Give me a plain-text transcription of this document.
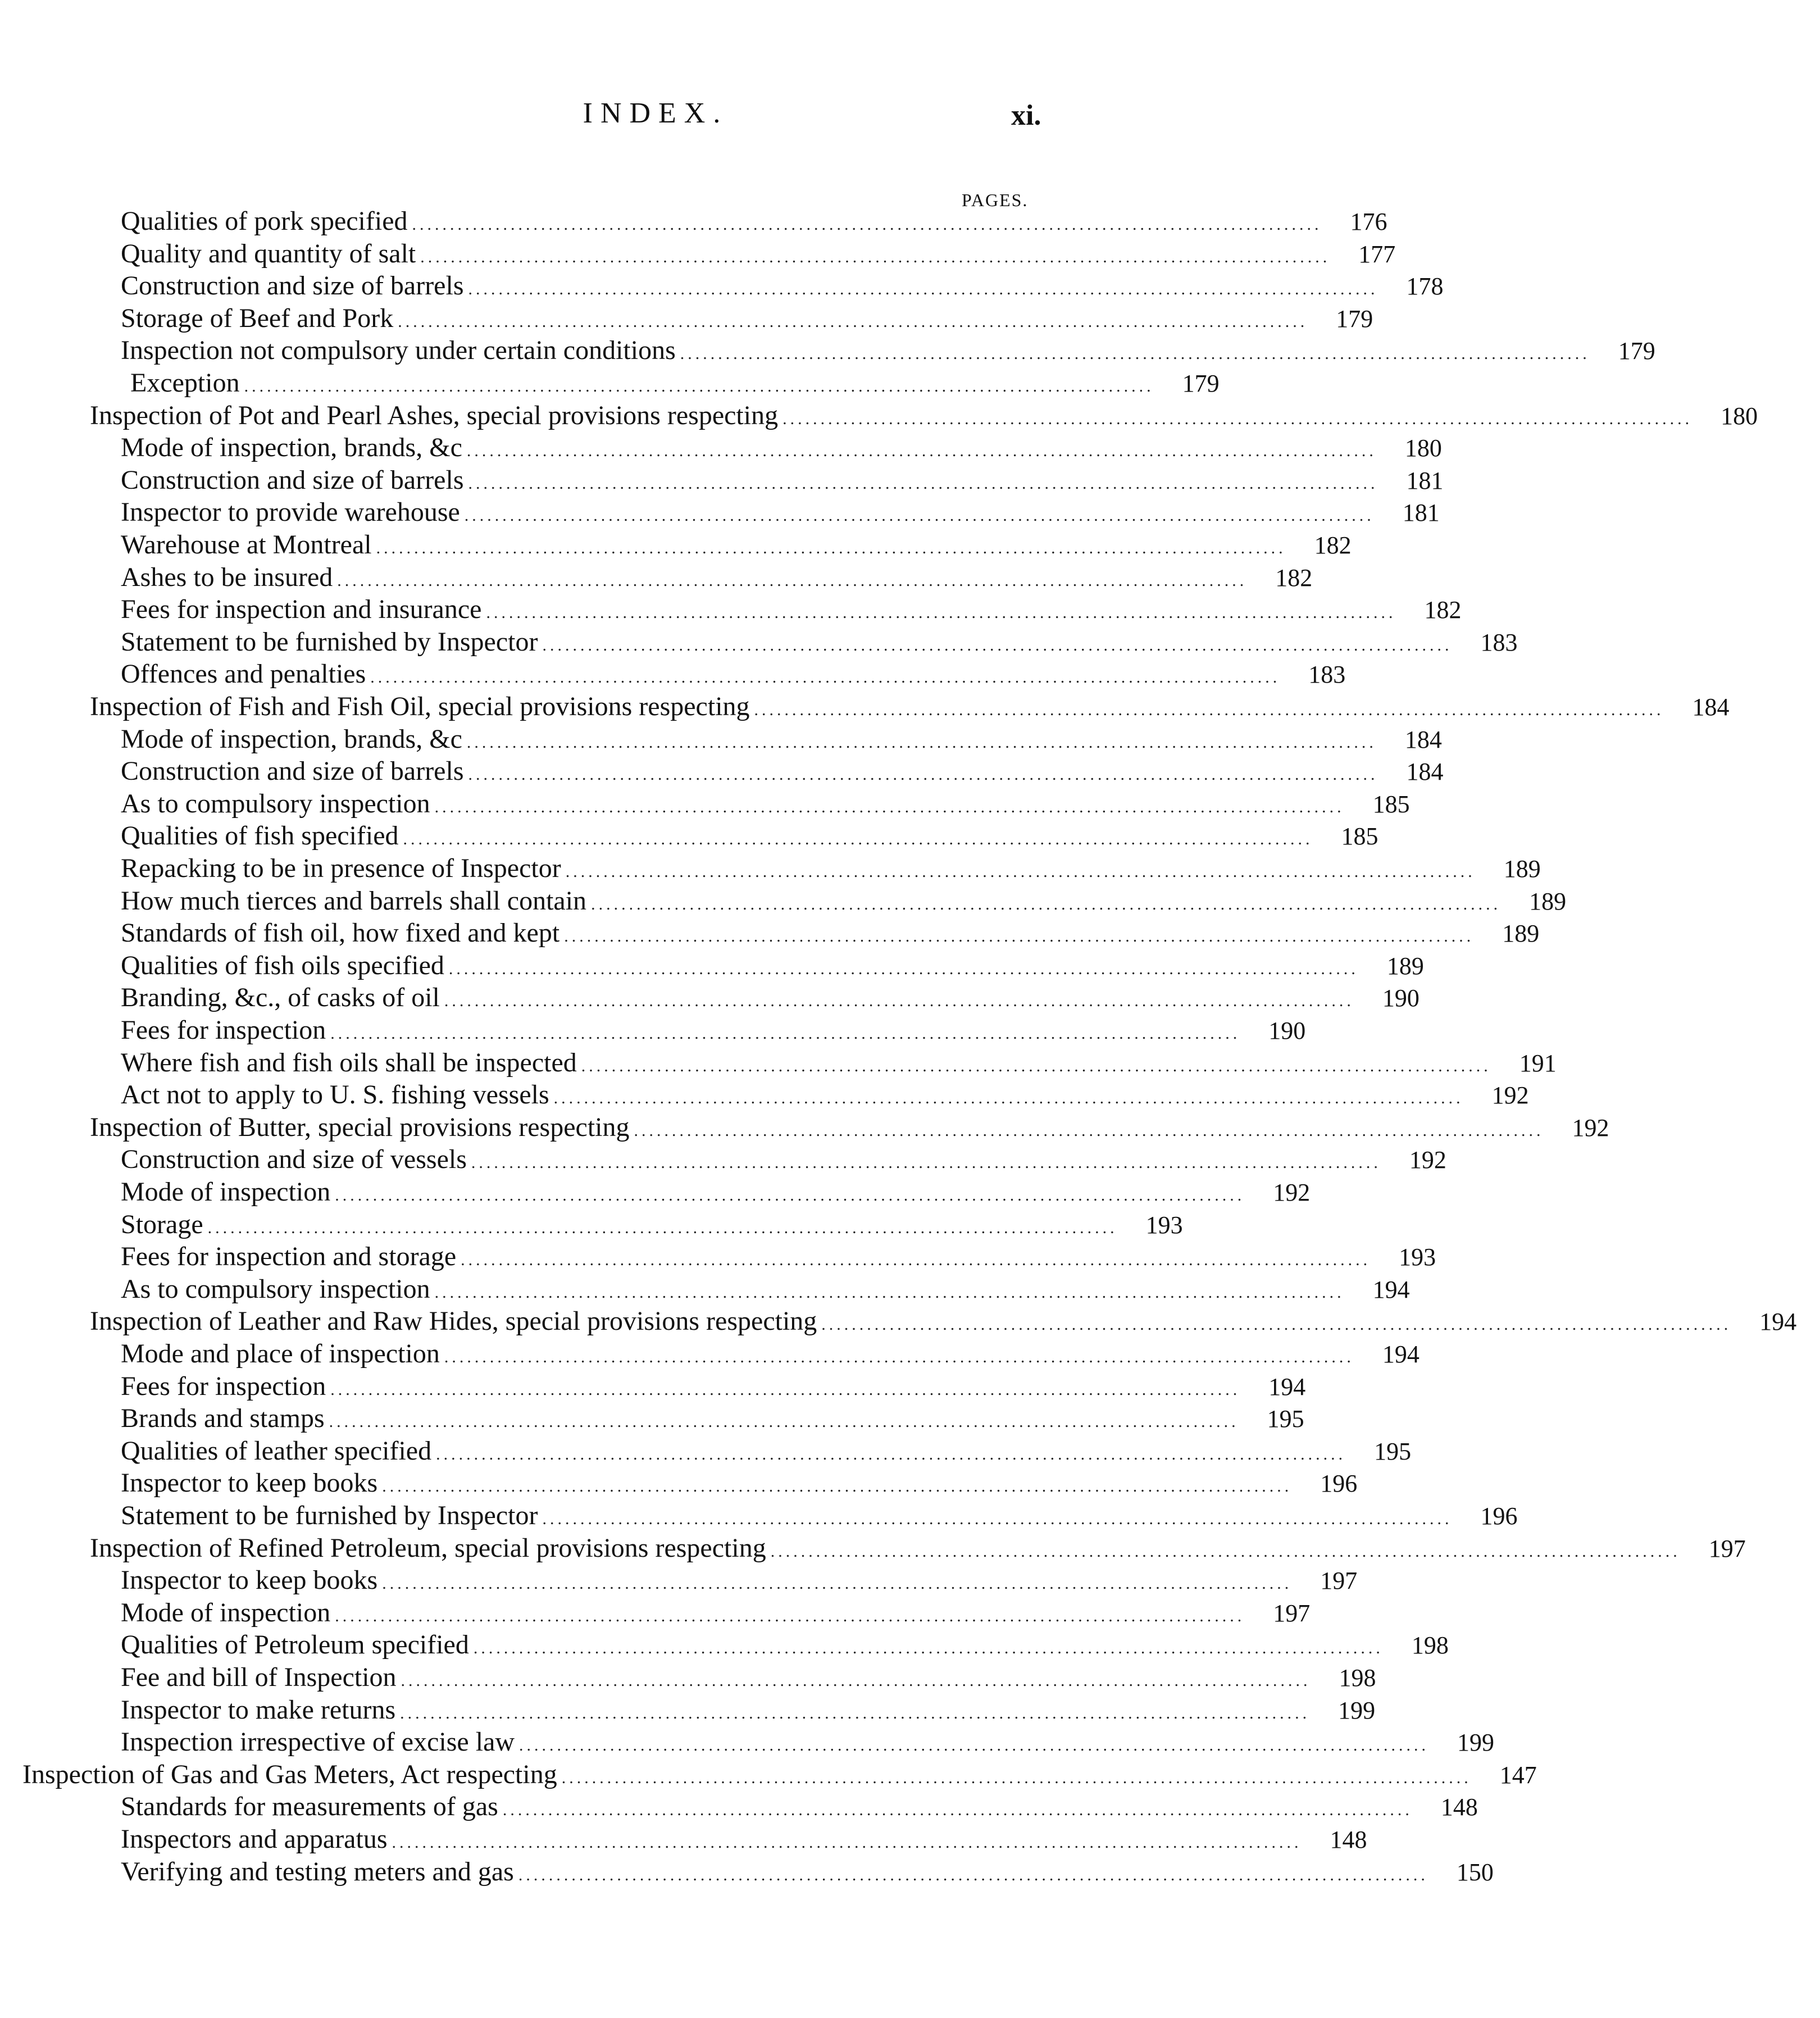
INDEX.	xi.
PAGES.
Qualities of pork specified ........................................................................................................................	176
Quality and quantity of salt ........................................................................................................................	177
Construction and size of barrels ........................................................................................................................	178
Storage of Beef and Pork ........................................................................................................................	179
Inspection not compulsory under certain conditions ........................................................................................................................	179
Exception ........................................................................................................................	179
Inspection of Pot and Pearl Ashes, special provisions respecting ........................................................................................................................	180
Mode of inspection, brands, &c ........................................................................................................................	180
Construction and size of barrels ........................................................................................................................	181
Inspector to provide warehouse ........................................................................................................................	181
Warehouse at Montreal ........................................................................................................................	182
Ashes to be insured ........................................................................................................................	182
Fees for inspection and insurance ........................................................................................................................	182
Statement to be furnished by Inspector ........................................................................................................................	183
Offences and penalties ........................................................................................................................	183
Inspection of Fish and Fish Oil, special provisions respecting ........................................................................................................................	184
Mode of inspection, brands, &c ........................................................................................................................	184
Construction and size of barrels ........................................................................................................................	184
As to compulsory inspection ........................................................................................................................	185
Qualities of fish specified ........................................................................................................................	185
Repacking to be in presence of Inspector ........................................................................................................................	189
How much tierces and barrels shall contain ........................................................................................................................	189
Standards of fish oil, how fixed and kept ........................................................................................................................	189
Qualities of fish oils specified ........................................................................................................................	189
Branding, &c., of casks of oil ........................................................................................................................	190
Fees for inspection ........................................................................................................................	190
Where fish and fish oils shall be inspected ........................................................................................................................	191
Act not to apply to U. S. fishing vessels ........................................................................................................................	192
Inspection of Butter, special provisions respecting ........................................................................................................................	192
Construction and size of vessels ........................................................................................................................	192
Mode of inspection ........................................................................................................................	192
Storage ........................................................................................................................	193
Fees for inspection and storage ........................................................................................................................	193
As to compulsory inspection ........................................................................................................................	194
Inspection of Leather and Raw Hides, special provisions respecting ........................................................................................................................	194
Mode and place of inspection ........................................................................................................................	194
Fees for inspection ........................................................................................................................	194
Brands and stamps ........................................................................................................................	195
Qualities of leather specified ........................................................................................................................	195
Inspector to keep books ........................................................................................................................	196
Statement to be furnished by Inspector ........................................................................................................................	196
Inspection of Refined Petroleum, special provisions respecting ........................................................................................................................	197
Inspector to keep books ........................................................................................................................	197
Mode of inspection ........................................................................................................................	197
Qualities of Petroleum specified ........................................................................................................................	198
Fee and bill of Inspection ........................................................................................................................	198
Inspector to make returns ........................................................................................................................	199
Inspection irrespective of excise law ........................................................................................................................	199
Inspection of Gas and Gas Meters, Act respecting ........................................................................................................................	147
Standards for measurements of gas ........................................................................................................................	148
Inspectors and apparatus ........................................................................................................................	148
Verifying and testing meters and gas ........................................................................................................................	150
